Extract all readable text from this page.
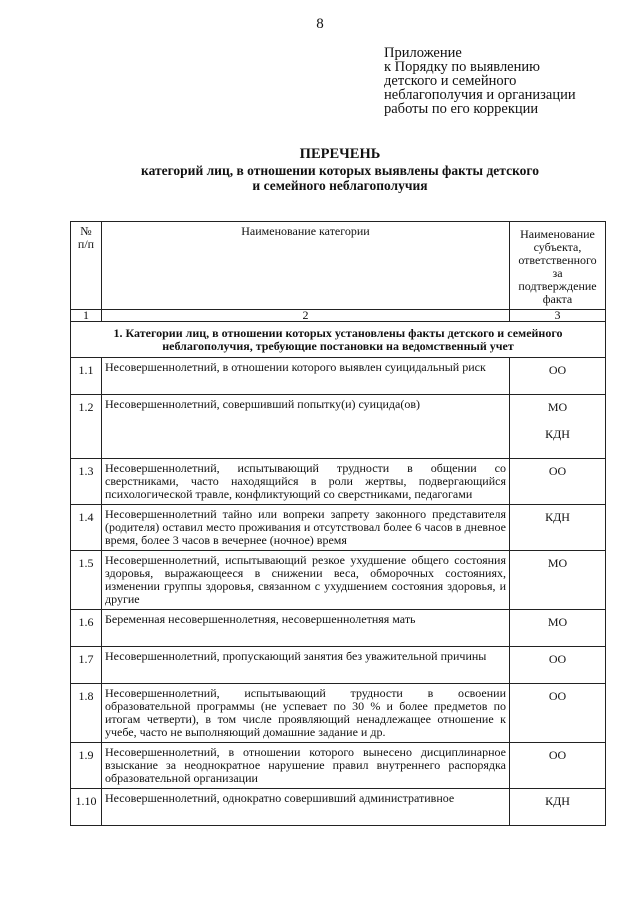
8
Приложение
к Порядку по выявлению
детского и семейного
неблагополучия и организации
работы по его коррекции
ПЕРЕЧЕНЬ
категорий лиц, в отношении которых выявлены факты детского
и семейного неблагополучия
№ п/п	Наименование категории	Наименование субъекта, ответственного за подтверждение факта
1	2	3
1. Категории лиц, в отношении которых установлены факты детского и семейного неблагополучия, требующие постановки на ведомственный учет		
1.1	Несовершеннолетний, в отношении которого выявлен суицидальный риск	ОО

1.2	Несовершеннолетний, совершивший попытку(и) суицида(ов)	МО
КДН

1.3	Несовершеннолетний, испытывающий трудности в общении со сверстниками, часто находящийся в роли жертвы, подвергающийся психологической травле, конфликтующий со сверстниками, педагогами	ОО

1.4	Несовершеннолетний тайно или вопреки запрету законного представителя (родителя) оставил место проживания и отсутствовал более 6 часов в дневное время, более 3 часов в вечернее (ночное) время	КДН

1.5	Несовершеннолетний, испытывающий резкое ухудшение общего состояния здоровья, выражающееся в снижении веса, обморочных состояниях, изменении группы здоровья, связанном с ухудшением состояния здоровья, и другие	МО

1.6	Беременная несовершеннолетняя, несовершеннолетняя мать	МО

1.7	Несовершеннолетний, пропускающий занятия без уважительной причины	ОО

1.8	Несовершеннолетний, испытывающий трудности в освоении образовательной программы (не успевает по 30 % и более предметов по итогам четверти), в том числе проявляющий ненадлежащее отношение к учебе, часто не выполняющий домашние задание и др.	ОО

1.9	Несовершеннолетний, в отношении которого вынесено дисциплинарное взыскание за неоднократное нарушение правил внутреннего распорядка образовательной организации	ОО

1.10	Несовершеннолетний, однократно совершивший административное	КДН
